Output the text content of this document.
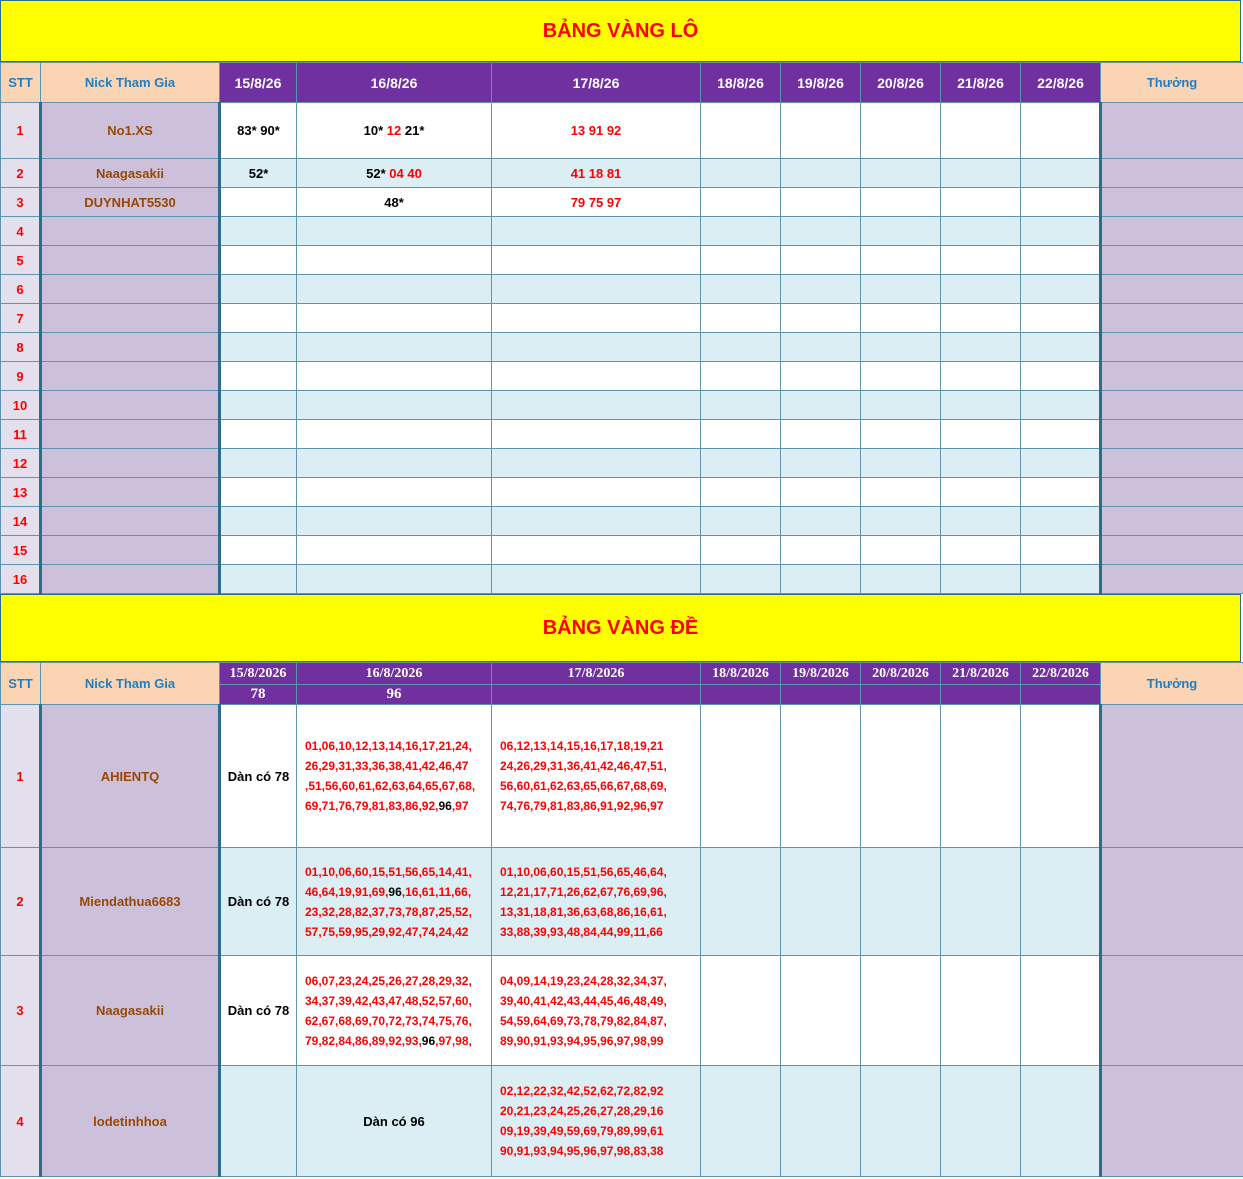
BẢNG VÀNG LÔ
STT	Nick Tham Gia	15/8/26	16/8/26	17/8/26	18/8/26	19/8/26	20/8/26	21/8/26	22/8/26	Thưởng
1	No1.XS	83* 90*	10* 12 21*	13 91 92						
2	Naagasakii	52*	52* 04 40	41 18 81						
3	DUYNHAT5530		48*	79 75 97						
4										
5										
6										
7										
8										
9										
10										
11										
12										
13										
14										
15										
16										
BẢNG VÀNG ĐỀ
STT	Nick Tham Gia	15/8/2026	16/8/2026	17/8/2026	18/8/2026	19/8/2026	20/8/2026	21/8/2026	22/8/2026	Thưởng
		78	96							
1	AHIENTQ	Dàn có 78	01,06,10,12,13,14,16,17,21,24, 26,29,31,33,36,38,41,42,46,47 ,51,56,60,61,62,63,64,65,67,68, 69,71,76,79,81,83,86,92,96,97	06,12,13,14,15,16,17,18,19,21 24,26,29,31,36,41,42,46,47,51, 56,60,61,62,63,65,66,67,68,69, 74,76,79,81,83,86,91,92,96,97						
2	Miendathua6683	Dàn có 78	01,10,06,60,15,51,56,65,14,41, 46,64,19,91,69,96,16,61,11,66, 23,32,28,82,37,73,78,87,25,52, 57,75,59,95,29,92,47,74,24,42	01,10,06,60,15,51,56,65,46,64, 12,21,17,71,26,62,67,76,69,96, 13,31,18,81,36,63,68,86,16,61, 33,88,39,93,48,84,44,99,11,66						
3	Naagasakii	Dàn có 78	06,07,23,24,25,26,27,28,29,32, 34,37,39,42,43,47,48,52,57,60, 62,67,68,69,70,72,73,74,75,76, 79,82,84,86,89,92,93,96,97,98,	04,09,14,19,23,24,28,32,34,37, 39,40,41,42,43,44,45,46,48,49, 54,59,64,69,73,78,79,82,84,87, 89,90,91,93,94,95,96,97,98,99						
4	lodetinhhoa		Dàn có 96	02,12,22,32,42,52,62,72,82,92 20,21,23,24,25,26,27,28,29,16 09,19,39,49,59,69,79,89,99,61 90,91,93,94,95,96,97,98,83,38						
